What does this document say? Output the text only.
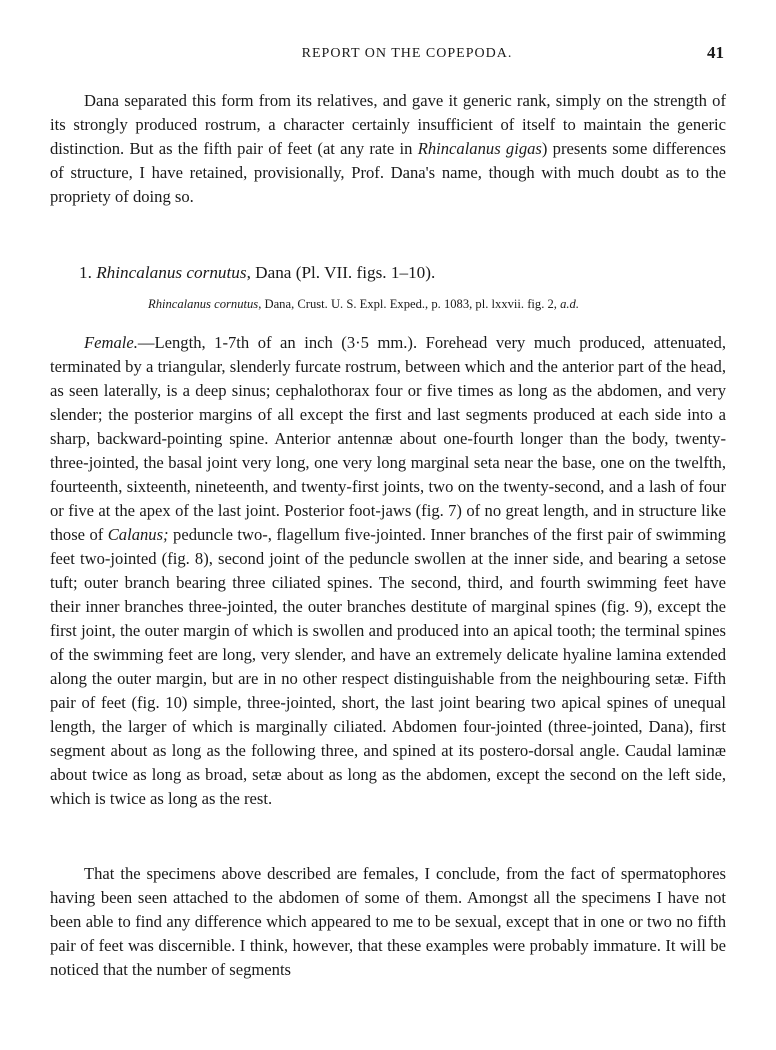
REPORT ON THE COPEPODA.	41

Dana separated this form from its relatives, and gave it generic rank, simply on the strength of its strongly produced rostrum, a character certainly insufficient of itself to maintain the generic distinction. But as the fifth pair of feet (at any rate in Rhincalanus gigas) presents some differences of structure, I have retained, provisionally, Prof. Dana's name, though with much doubt as to the propriety of doing so.

1. Rhincalanus cornutus, Dana (Pl. VII. figs. 1–10).
Rhincalanus cornutus, Dana, Crust. U. S. Expl. Exped., p. 1083, pl. lxxvii. fig. 2, a.d.

Female.—Length, 1-7th of an inch (3·5 mm.). Forehead very much produced, attenuated, terminated by a triangular, slenderly furcate rostrum, between which and the anterior part of the head, as seen laterally, is a deep sinus; cephalothorax four or five times as long as the abdomen, and very slender; the posterior margins of all except the first and last segments produced at each side into a sharp, backward-pointing spine. Anterior antennæ about one-fourth longer than the body, twenty-three-jointed, the basal joint very long, one very long marginal seta near the base, one on the twelfth, fourteenth, sixteenth, nineteenth, and twenty-first joints, two on the twenty-second, and a lash of four or five at the apex of the last joint. Posterior foot-jaws (fig. 7) of no great length, and in structure like those of Calanus; peduncle two-, flagellum five-jointed. Inner branches of the first pair of swimming feet two-jointed (fig. 8), second joint of the peduncle swollen at the inner side, and bearing a setose tuft; outer branch bearing three ciliated spines. The second, third, and fourth swimming feet have their inner branches three-jointed, the outer branches destitute of marginal spines (fig. 9), except the first joint, the outer margin of which is swollen and produced into an apical tooth; the terminal spines of the swimming feet are long, very slender, and have an extremely delicate hyaline lamina extended along the outer margin, but are in no other respect distinguishable from the neighbouring setæ. Fifth pair of feet (fig. 10) simple, three-jointed, short, the last joint bearing two apical spines of unequal length, the larger of which is marginally ciliated. Abdomen four-jointed (three-jointed, Dana), first segment about as long as the following three, and spined at its postero-dorsal angle. Caudal laminæ about twice as long as broad, setæ about as long as the abdomen, except the second on the left side, which is twice as long as the rest.

That the specimens above described are females, I conclude, from the fact of spermatophores having been seen attached to the abdomen of some of them. Amongst all the specimens I have not been able to find any difference which appeared to me to be sexual, except that in one or two no fifth pair of feet was discernible. I think, however, that these examples were probably immature. It will be noticed that the number of segments
